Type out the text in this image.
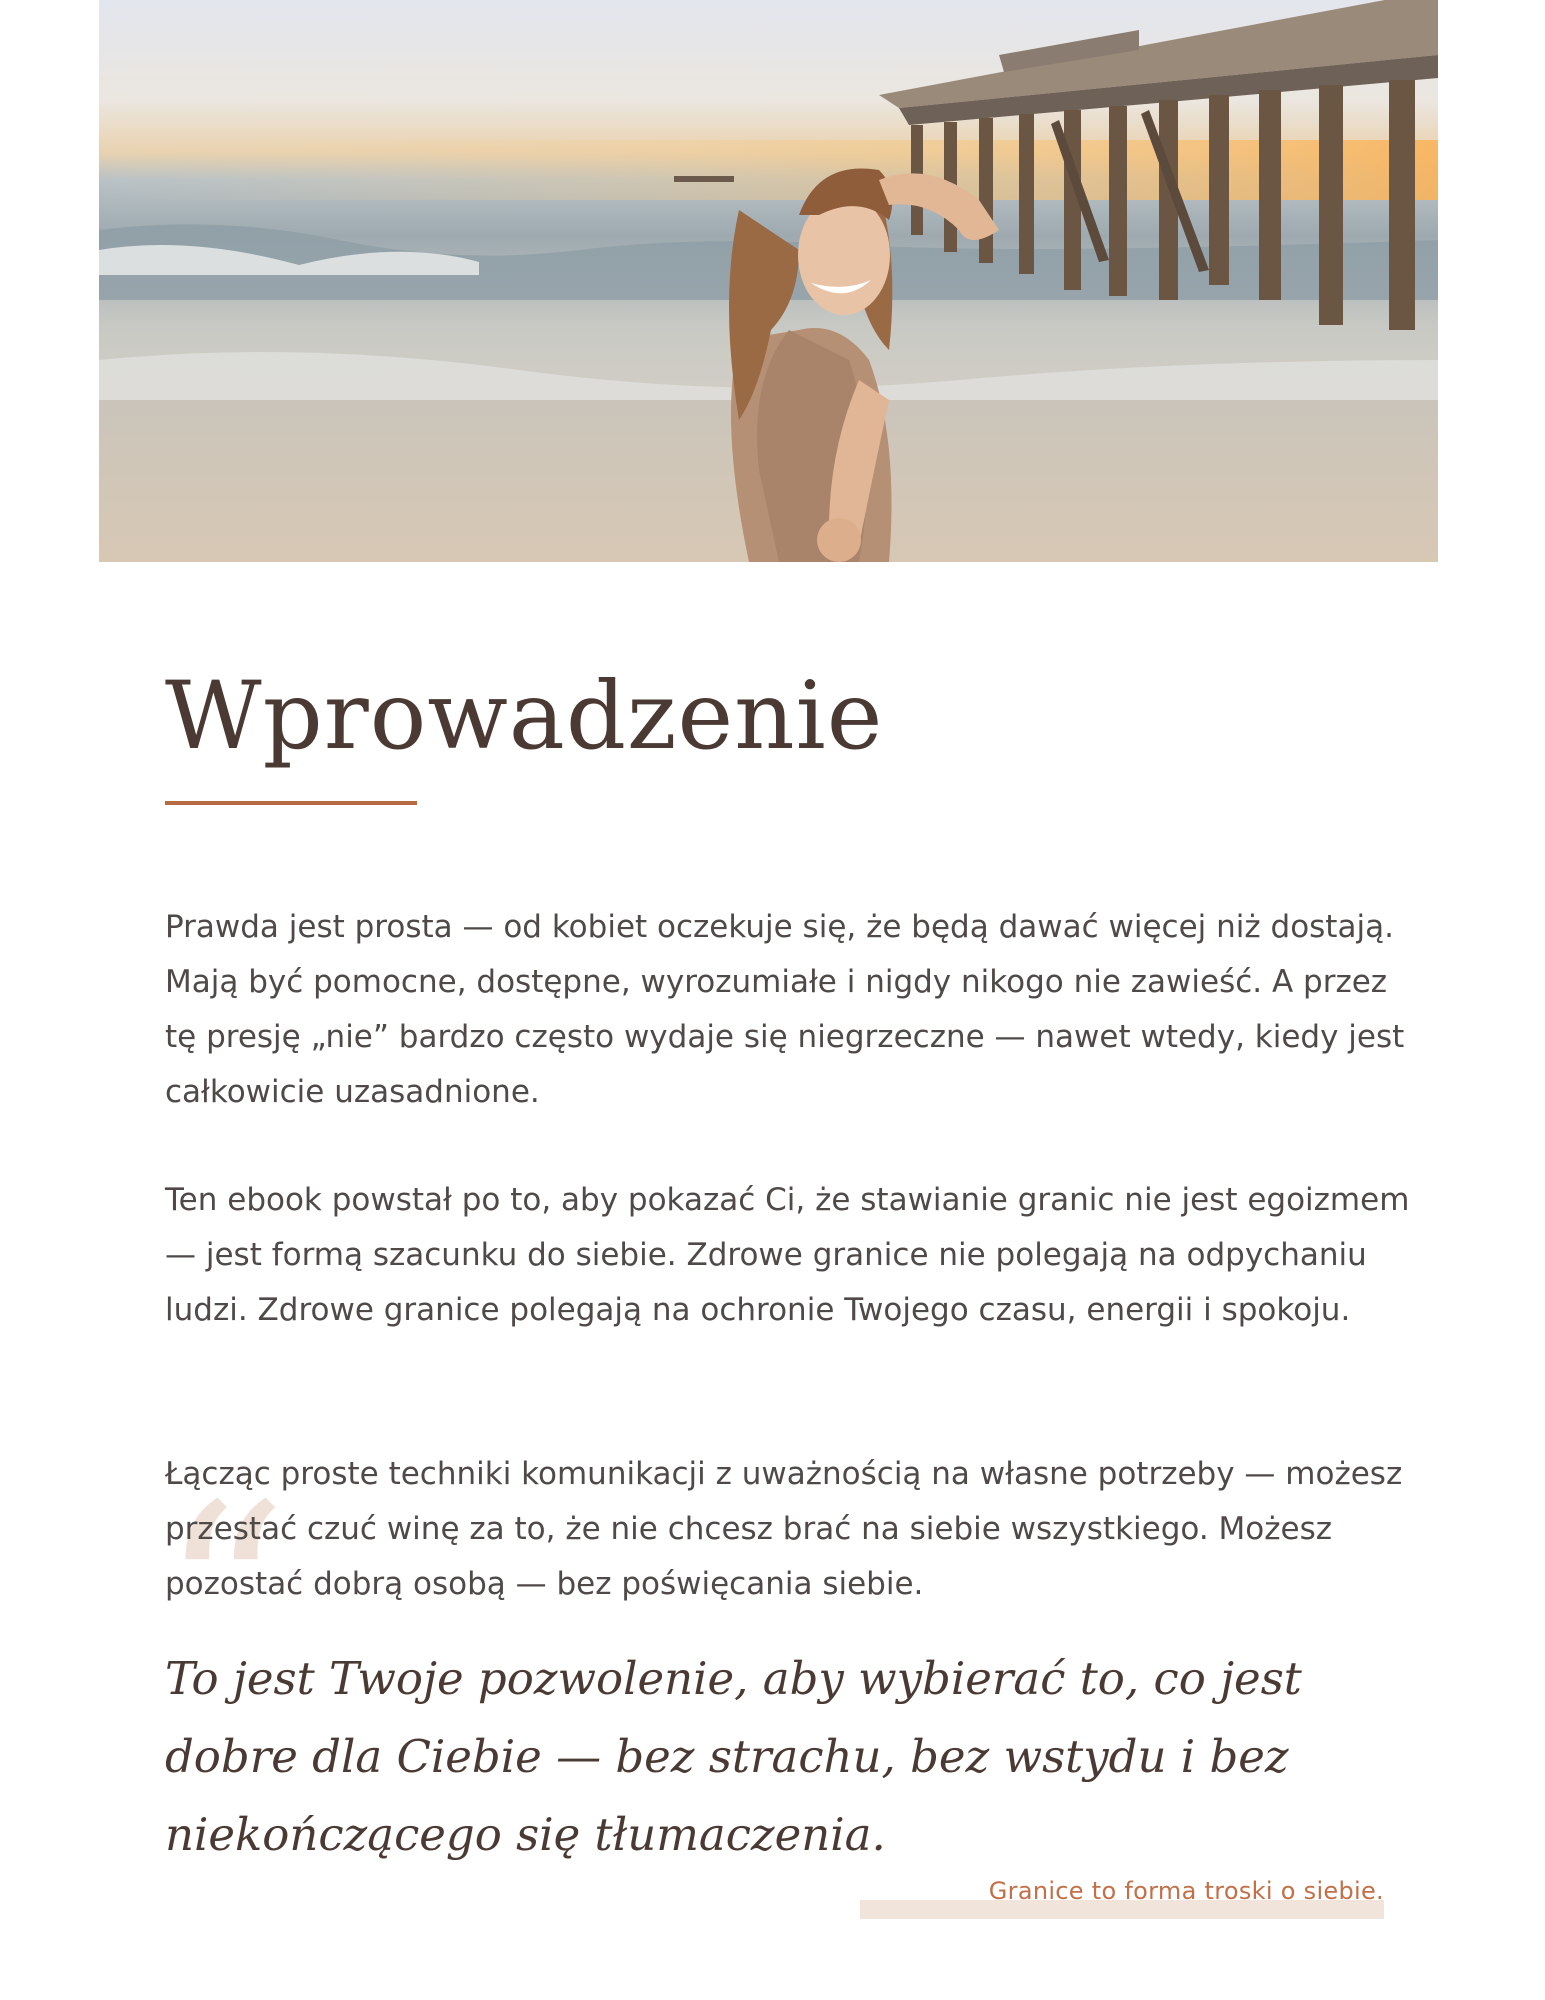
Wprowadzenie

Prawda jest prosta — od kobiet oczekuje się, że będą dawać więcej niż dostają. Mają być pomocne, dostępne, wyrozumiałe i nigdy nikogo nie zawieść. A przez tę presję „nie” bardzo często wydaje się niegrzeczne — nawet wtedy, kiedy jest całkowicie uzasadnione.

Ten ebook powstał po to, aby pokazać Ci, że stawianie granic nie jest egoizmem — jest formą szacunku do siebie. Zdrowe granice nie polegają na odpychaniu ludzi. Zdrowe granice polegają na ochronie Twojego czasu, energii i spokoju.

“

Łącząc proste techniki komunikacji z uważnością na własne potrzeby — możesz przestać czuć winę za to, że nie chcesz brać na siebie wszystkiego. Możesz pozostać dobrą osobą — bez poświęcania siebie.

To jest Twoje pozwolenie, aby wybierać to, co jest dobre dla Ciebie — bez strachu, bez wstydu i bez niekończącego się tłumaczenia.

Granice to forma troski o siebie.
